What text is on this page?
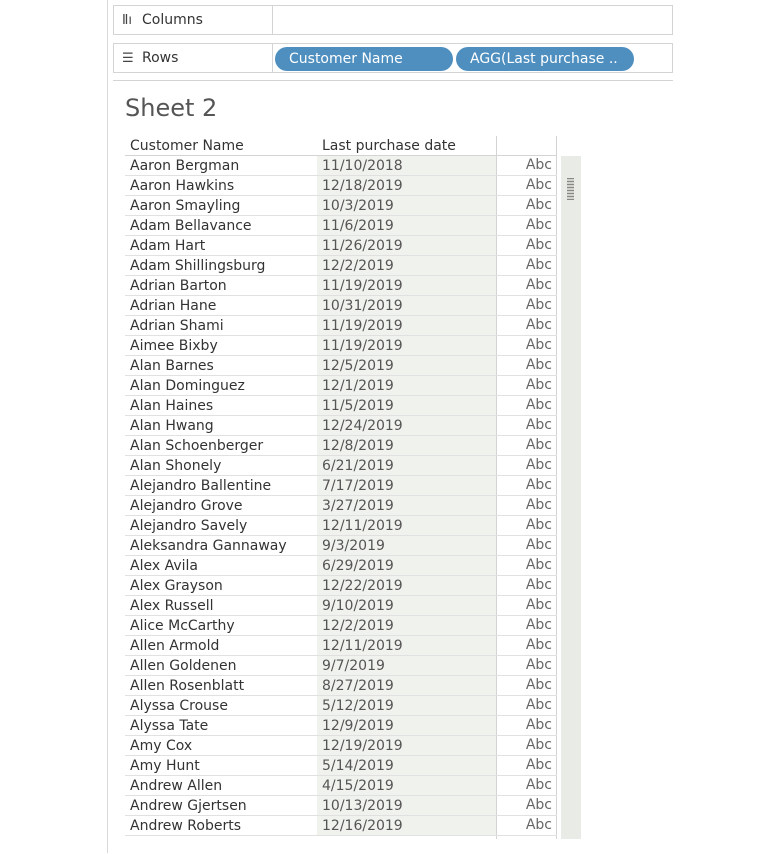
Ⅱı Columns
☰ Rows	Customer Name	AGG(Last purchase ..
Sheet 2
Customer Name	Last purchase date
Aaron Bergman	11/10/2018	Abc
Aaron Hawkins	12/18/2019	Abc
Aaron Smayling	10/3/2019	Abc
Adam Bellavance	11/6/2019	Abc
Adam Hart	11/26/2019	Abc
Adam Shillingsburg	12/2/2019	Abc
Adrian Barton	11/19/2019	Abc
Adrian Hane	10/31/2019	Abc
Adrian Shami	11/19/2019	Abc
Aimee Bixby	11/19/2019	Abc
Alan Barnes	12/5/2019	Abc
Alan Dominguez	12/1/2019	Abc
Alan Haines	11/5/2019	Abc
Alan Hwang	12/24/2019	Abc
Alan Schoenberger	12/8/2019	Abc
Alan Shonely	6/21/2019	Abc
Alejandro Ballentine	7/17/2019	Abc
Alejandro Grove	3/27/2019	Abc
Alejandro Savely	12/11/2019	Abc
Aleksandra Gannaway	9/3/2019	Abc
Alex Avila	6/29/2019	Abc
Alex Grayson	12/22/2019	Abc
Alex Russell	9/10/2019	Abc
Alice McCarthy	12/2/2019	Abc
Allen Armold	12/11/2019	Abc
Allen Goldenen	9/7/2019	Abc
Allen Rosenblatt	8/27/2019	Abc
Alyssa Crouse	5/12/2019	Abc
Alyssa Tate	12/9/2019	Abc
Amy Cox	12/19/2019	Abc
Amy Hunt	5/14/2019	Abc
Andrew Allen	4/15/2019	Abc
Andrew Gjertsen	10/13/2019	Abc
Andrew Roberts	12/16/2019	Abc
